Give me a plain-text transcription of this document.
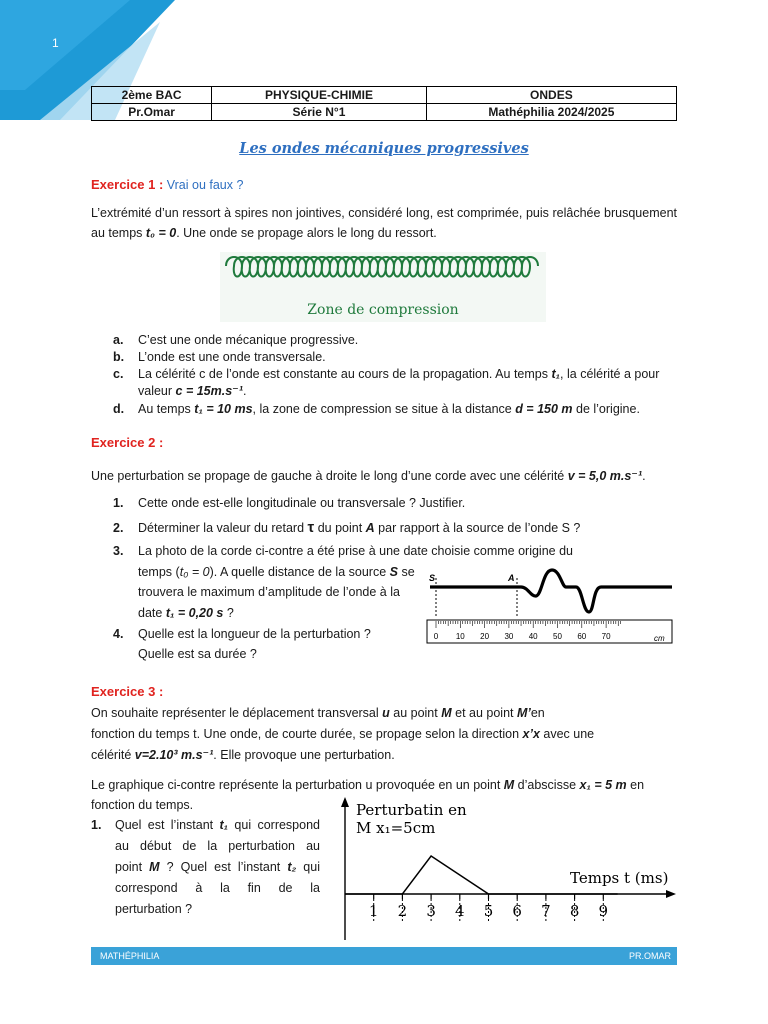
1
2ème BAC	PHYSIQUE-CHIMIE	ONDES
Pr.Omar	Série N°1	Mathéphilia 2024/2025
Les ondes mécaniques progressives
Exercice 1 : Vrai ou faux ?
L’extrémité d’un ressort à spires non jointives, considéré long, est comprimée, puis relâchée brusquement au temps t₀ = 0. Une onde se propage alors le long du ressort.
Zone de compression
a. C’est une onde mécanique progressive.
b. L’onde est une onde transversale.
c. La célérité c de l’onde est constante au cours de la propagation. Au temps t₁, la célérité a pour valeur c = 15m.s⁻¹.
d. Au temps t₁ = 10 ms, la zone de compression se situe à la distance d = 150 m de l’origine.
Exercice 2 :
Une perturbation se propage de gauche à droite le long d’une corde avec une célérité v = 5,0 m.s⁻¹.
1. Cette onde est-elle longitudinale ou transversale ? Justifier.
2. Déterminer la valeur du retard τ du point A par rapport à la source de l’onde S ?
3. La photo de la corde ci-contre a été prise à une date choisie comme origine du
temps (t₀ = 0). A quelle distance de la source S se
trouvera le maximum d’amplitude de l’onde à la
date t₁ = 0,20 s ?
4. Quelle est la longueur de la perturbation ?
Quelle est sa durée ?
S	A
0 10 20 30 40 50 60 70	cm
Exercice 3 :
On souhaite représenter le déplacement transversal u au point M et au point M’en
fonction du temps t. Une onde, de courte durée, se propage selon la direction x’x avec une
célérité v=2.10³ m.s⁻¹. Elle provoque une perturbation.
Le graphique ci-contre représente la perturbation u provoquée en un point M d’abscisse x₁ = 5 m en
fonction du temps.
1. Quel est l’instant t₁ qui correspond
au début de la perturbation au
point M ? Quel est l’instant t₂ qui
correspond à la fin de la
perturbation ?
Perturbatin en
M x₁=5cm
Temps t (ms)
1 2 3 4 5 6 7 8 9
MATHÉPHILIA	PR.OMAR
